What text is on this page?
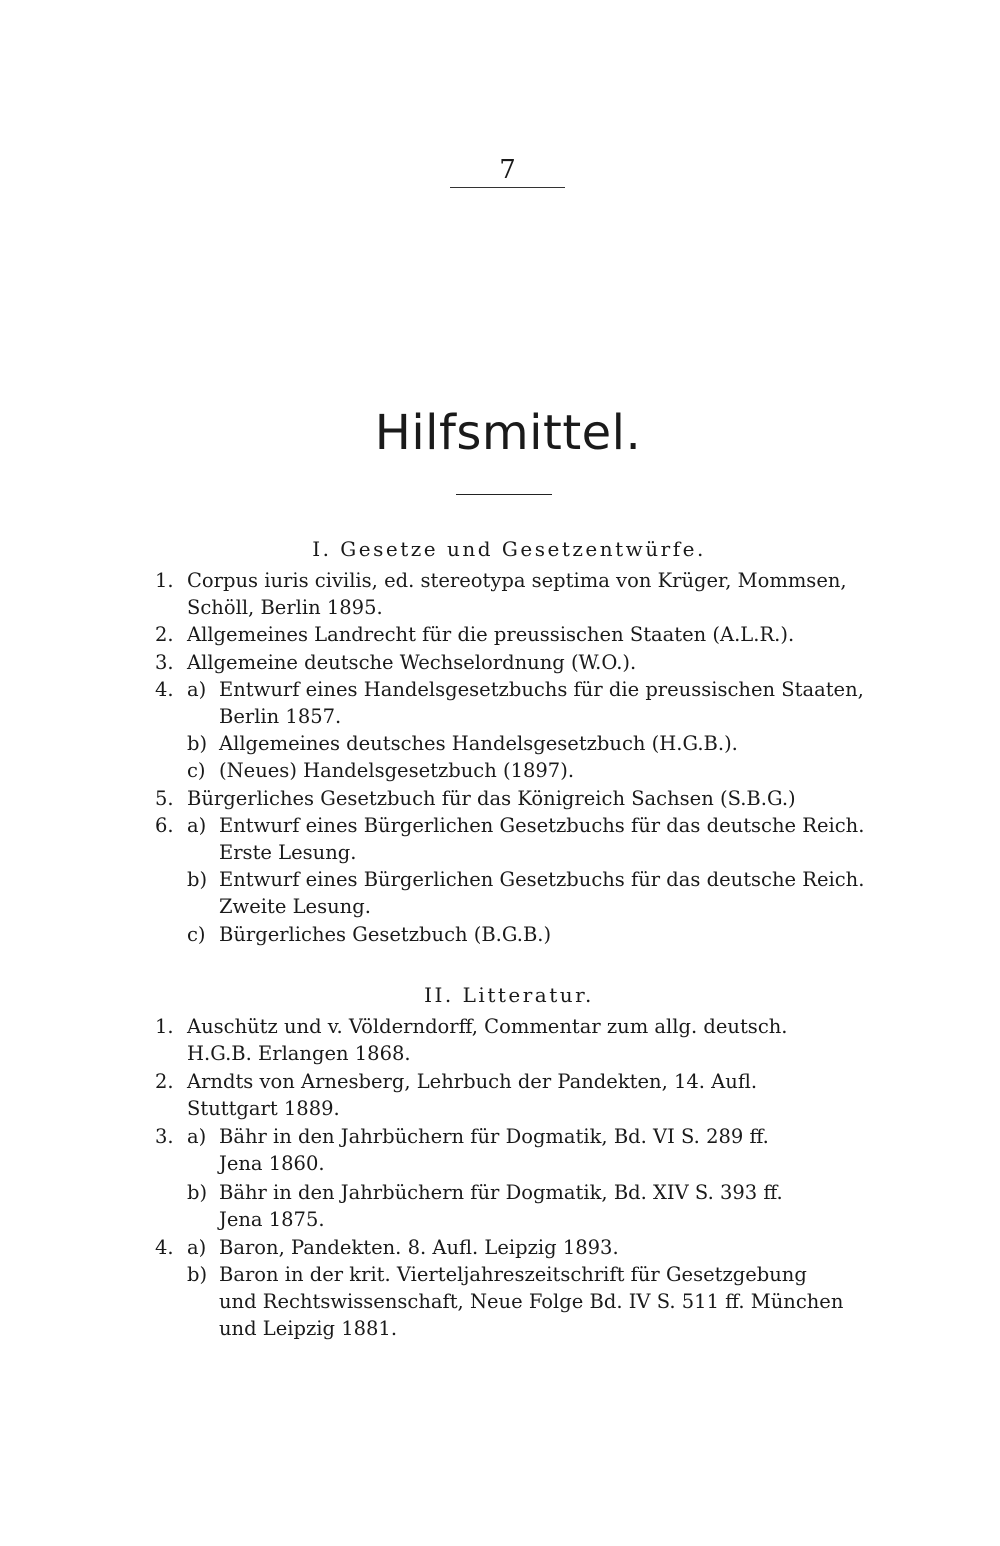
7
Hilfsmittel.
I. Gesetze und Gesetzentwürfe.
1. Corpus iuris civilis, ed. stereotypa septima von Krüger, Mommsen,
Schöll, Berlin 1895.
2. Allgemeines Landrecht für die preussischen Staaten (A.L.R.).
3. Allgemeine deutsche Wechselordnung (W.O.).
4. a) Entwurf eines Handelsgesetzbuchs für die preussischen Staaten,
Berlin 1857.
b) Allgemeines deutsches Handelsgesetzbuch (H.G.B.).
c) (Neues) Handelsgesetzbuch (1897).
5. Bürgerliches Gesetzbuch für das Königreich Sachsen (S.B.G.)
6. a) Entwurf eines Bürgerlichen Gesetzbuchs für das deutsche Reich.
Erste Lesung.
b) Entwurf eines Bürgerlichen Gesetzbuchs für das deutsche Reich.
Zweite Lesung.
c) Bürgerliches Gesetzbuch (B.G.B.)
II. Litteratur.
1. Auschütz und v. Völderndorff, Commentar zum allg. deutsch.
H.G.B. Erlangen 1868.
2. Arndts von Arnesberg, Lehrbuch der Pandekten, 14. Aufl.
Stuttgart 1889.
3. a) Bähr in den Jahrbüchern für Dogmatik, Bd. VI S. 289 ff.
Jena 1860.
b) Bähr in den Jahrbüchern für Dogmatik, Bd. XIV S. 393 ff.
Jena 1875.
4. a) Baron, Pandekten. 8. Aufl. Leipzig 1893.
b) Baron in der krit. Vierteljahreszeitschrift für Gesetzgebung
und Rechtswissenschaft, Neue Folge Bd. IV S. 511 ff. München
und Leipzig 1881.
